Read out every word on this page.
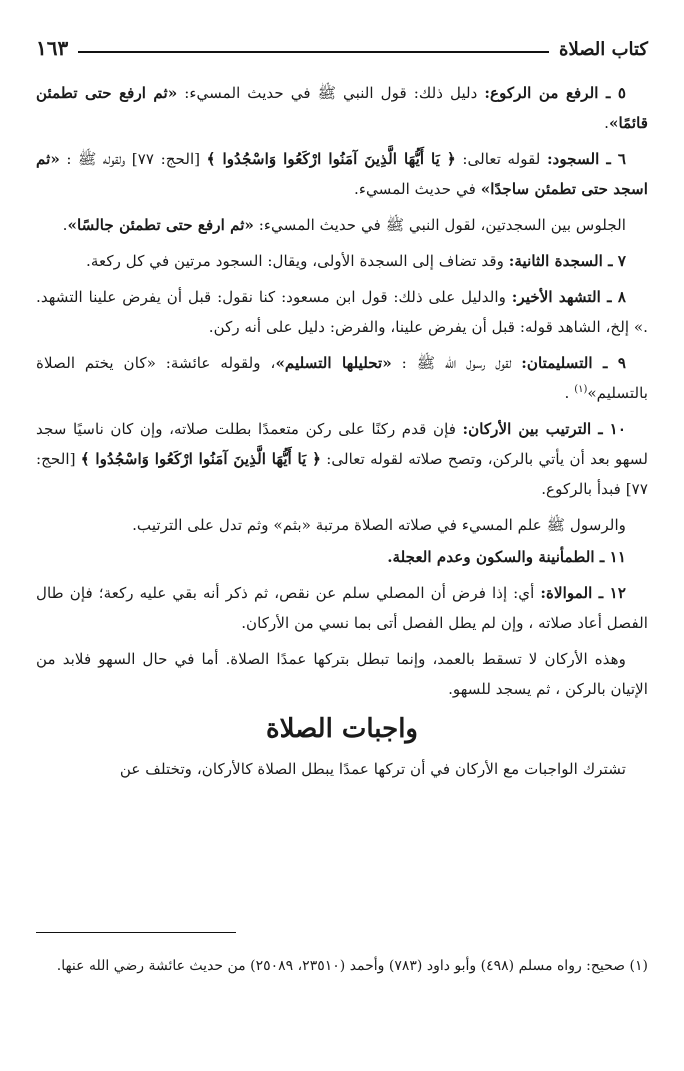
كتاب الصلاة
١٦٣

٥ ـ الرفع من الركوع: دليل ذلك: قول النبي ﷺ في حديث المسيء: «ثم ارفع حتى تطمئن قائمًا».

٦ ـ السجود: لقوله تعالى: ﴿ يَا أَيُّهَا الَّذِينَ آمَنُوا ارْكَعُوا وَاسْجُدُوا ﴾ [الحج: ٧٧] ولقوله ﷺ : «ثم اسجد حتى تطمئن ساجدًا» في حديث المسيء.

الجلوس بين السجدتين، لقول النبي ﷺ في حديث المسيء: «ثم ارفع حتى تطمئن جالسًا».

٧ ـ السجدة الثانية: وقد تضاف إلى السجدة الأولى، ويقال: السجود مرتين في كل ركعة.

٨ ـ التشهد الأخير: والدليل على ذلك: قول ابن مسعود: كنا نقول: قبل أن يفرض علينا التشهد. .» إلخ، الشاهد قوله: قبل أن يفرض علينا، والفرض: دليل على أنه ركن.

٩ ـ التسليمتان: لقول رسول الله ﷺ : «تحليلها التسليم»، ولقوله عائشة: «كان يختم الصلاة بالتسليم»$^{(١)}$ .

١٠ ـ الترتيب بين الأركان: فإن قدم ركنًا على ركن متعمدًا بطلت صلاته، وإن كان ناسيًا سجد لسهو بعد أن يأتي بالركن، وتصح صلاته لقوله تعالى: ﴿ يَا أَيُّهَا الَّذِينَ آمَنُوا ارْكَعُوا وَاسْجُدُوا ﴾ [الحج: ٧٧] فبدأ بالركوع.

والرسول ﷺ علم المسيء في صلاته الصلاة مرتبة «بثم» وثم تدل على الترتيب.

١١ ـ الطمأنينة والسكون وعدم العجلة.

١٢ ـ الموالاة: أي: إذا فرض أن المصلي سلم عن نقص، ثم ذكر أنه بقي عليه ركعة؛ فإن طال الفصل أعاد صلاته ، وإن لم يطل الفصل أتى بما نسي من الأركان.

وهذه الأركان لا تسقط بالعمد، وإنما تبطل بتركها عمدًا الصلاة. أما في حال السهو فلابد من الإتيان بالركن ، ثم يسجد للسهو.

واجبات الصلاة

تشترك الواجبات مع الأركان في أن تركها عمدًا يبطل الصلاة كالأركان، وتختلف عن

(١) صحيح: رواه مسلم (٤٩٨) وأبو داود (٧٨٣) وأحمد (٢٣٥١٠، ٢٥٠٨٩) من حديث عائشة رضي الله عنها.
